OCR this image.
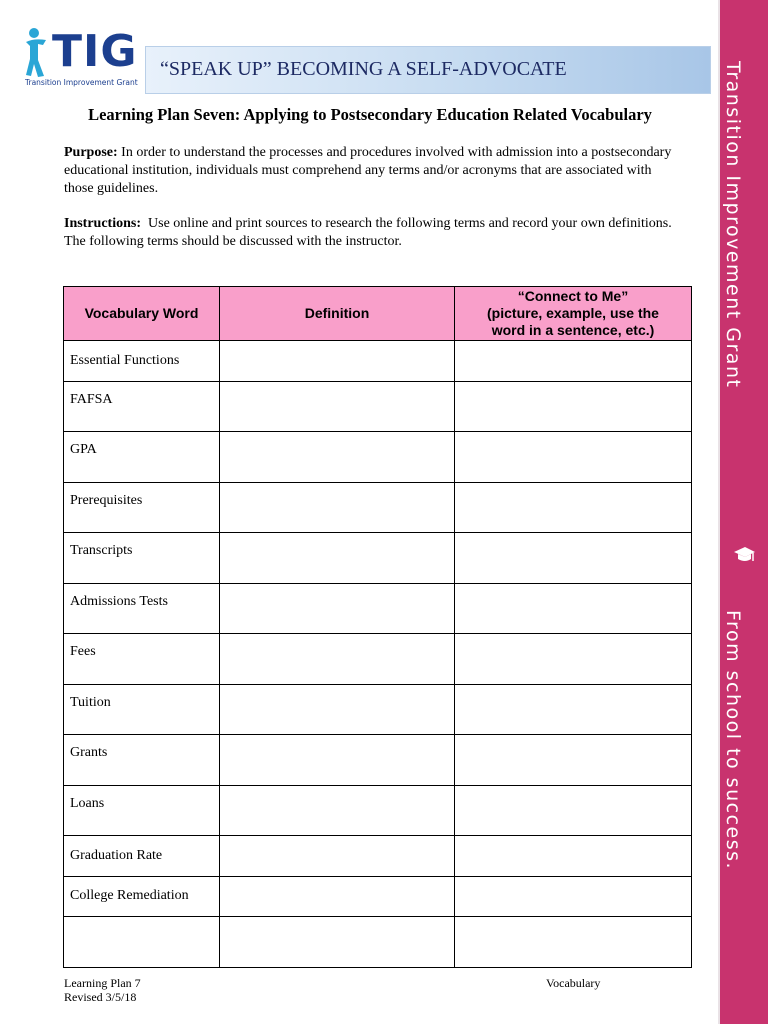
Transition Improvement Grant
From school to success.
TIG
Transition Improvement Grant
“SPEAK UP” BECOMING A SELF-ADVOCATE
Learning Plan Seven: Applying to Postsecondary Education Related Vocabulary
Purpose: In order to understand the processes and procedures involved with admission into a postsecondary educational institution, individuals must comprehend any terms and/or acronyms that are associated with those guidelines.
Instructions: Use online and print sources to research the following terms and record your own definitions. The following terms should be discussed with the instructor.
Vocabulary Word	Definition	“Connect to Me”
(picture, example, use the
word in a sentence, etc.)

Essential Functions		
FAFSA		
GPA		
Prerequisites		
Transcripts		
Admissions Tests		
Fees		
Tuition		
Grants		
Loans		
Graduation Rate		
College Remediation		

Learning Plan 7
Revised 3/5/18
Vocabulary
